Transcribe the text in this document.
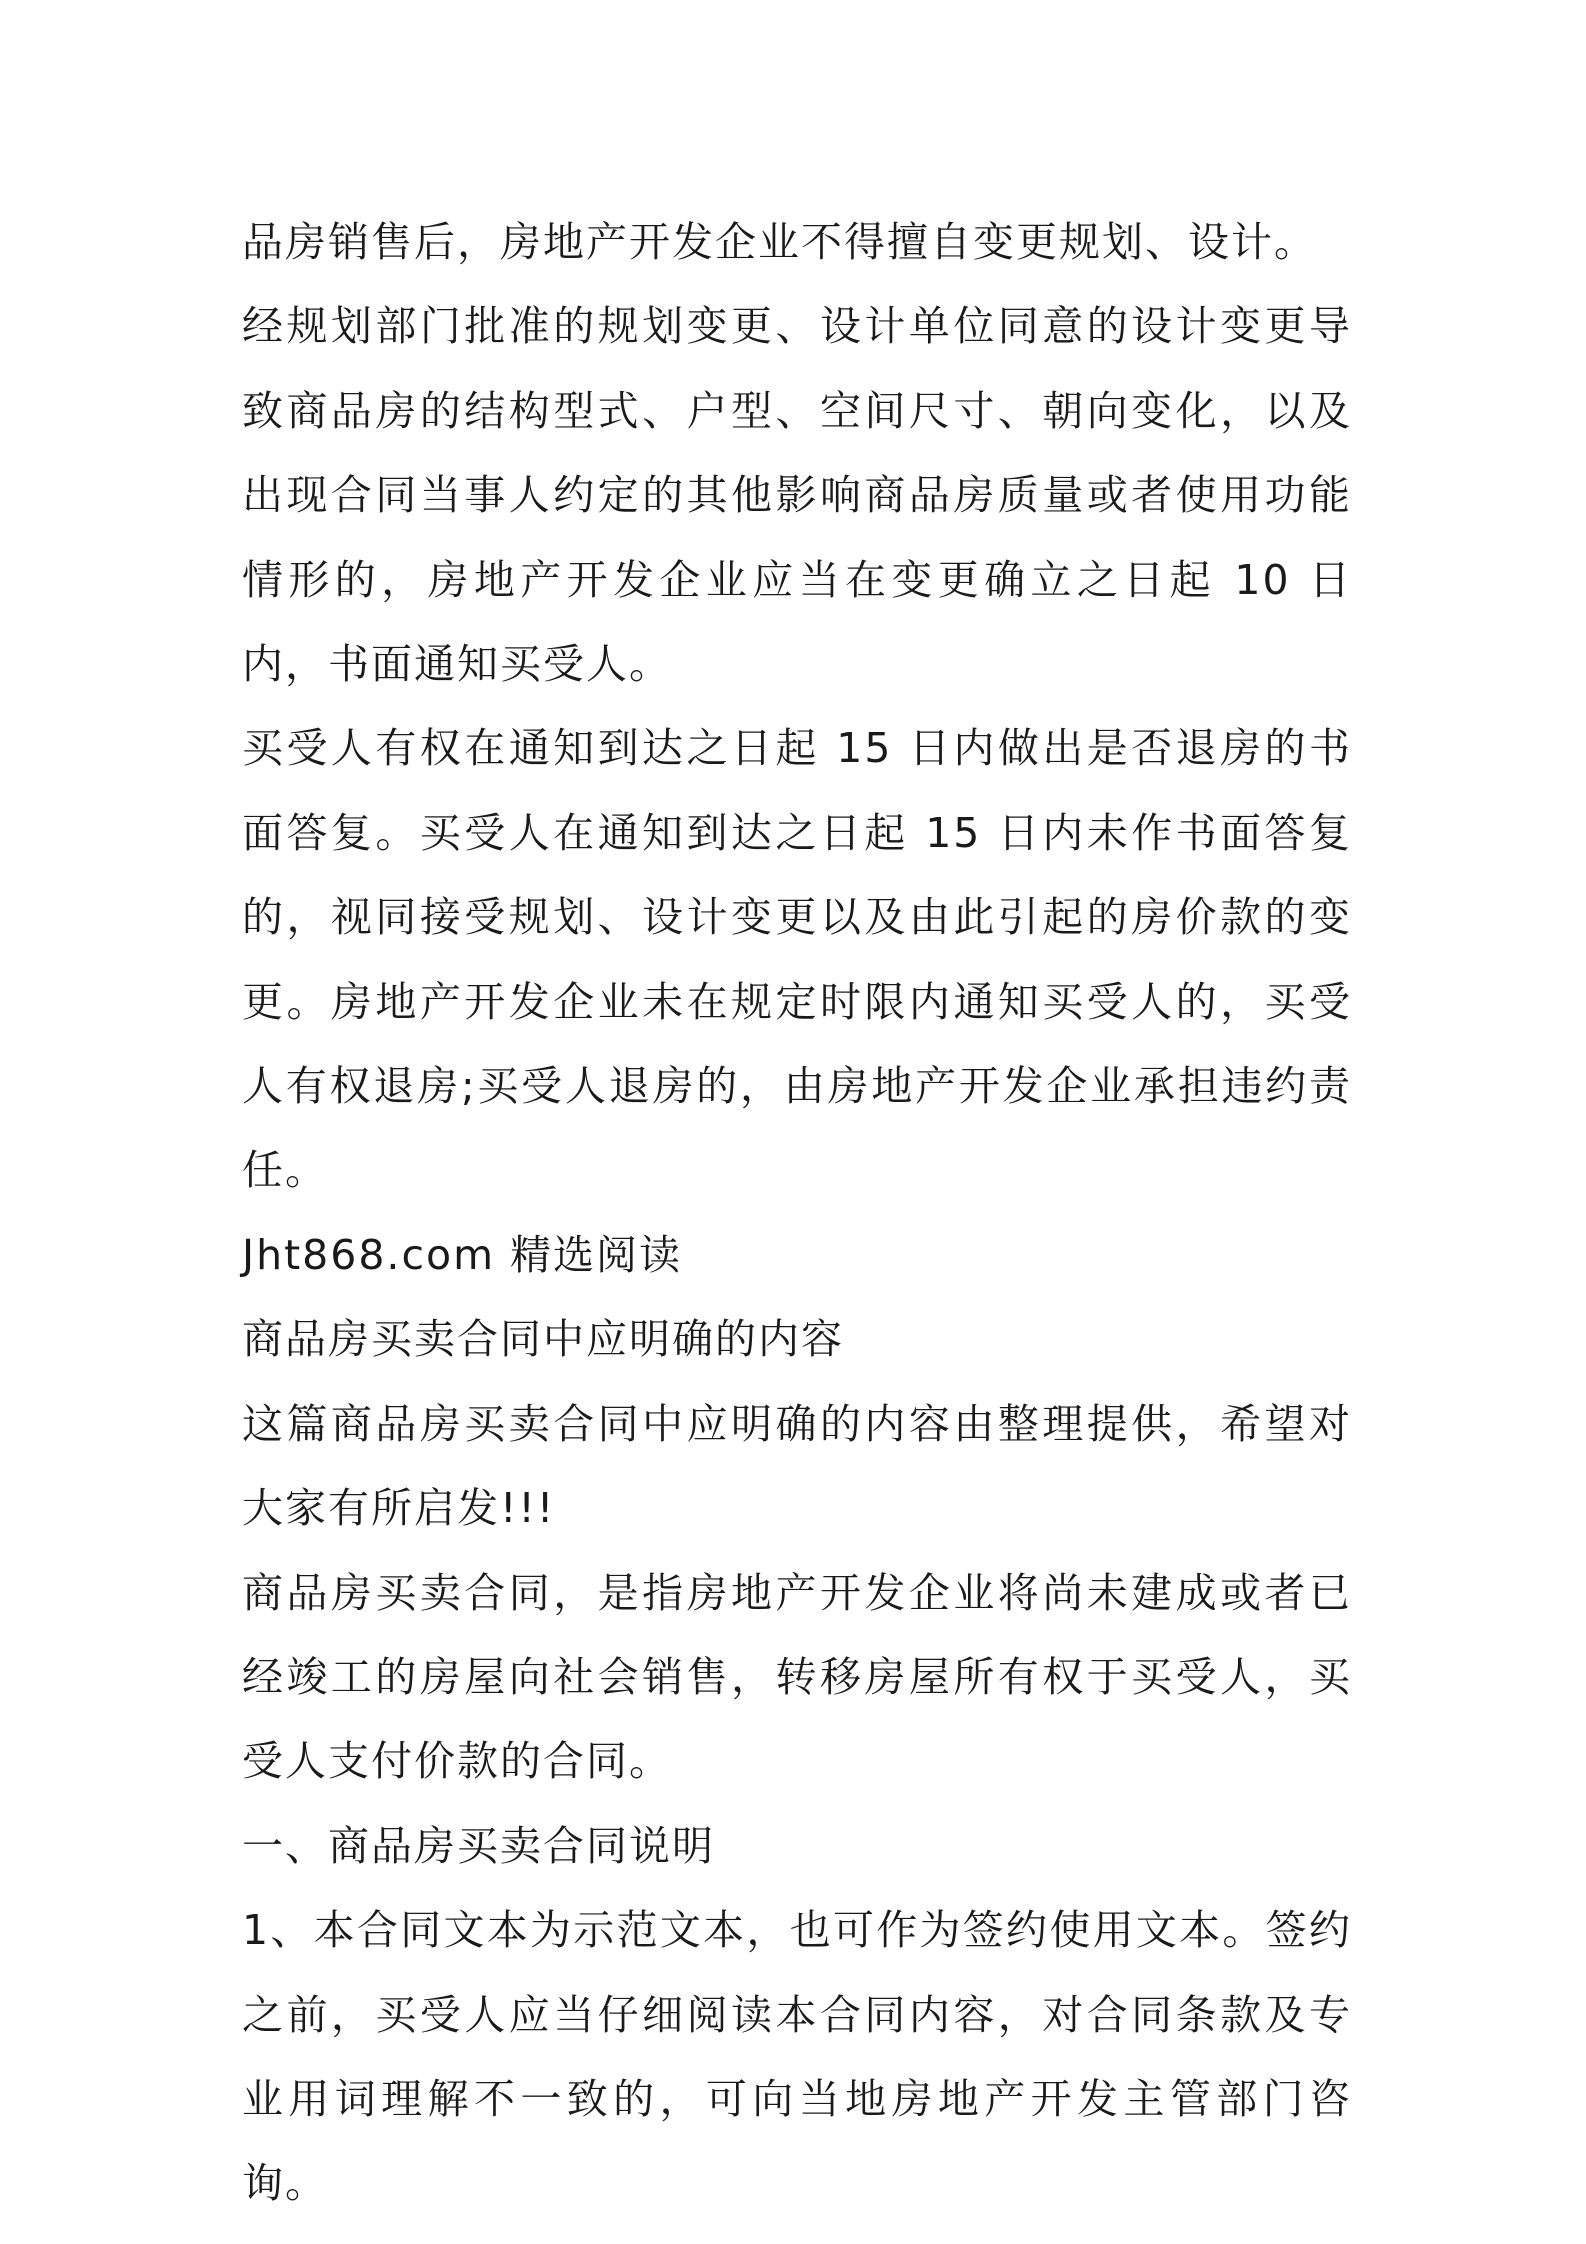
品房销售后，房地产开发企业不得擅自变更规划、设计。

经规划部门批准的规划变更、设计单位同意的设计变更导致商品房的结构型式、户型、空间尺寸、朝向变化，以及出现合同当事人约定的其他影响商品房质量或者使用功能情形的，房地产开发企业应当在变更确立之日起 10 日内，书面通知买受人。

买受人有权在通知到达之日起 15 日内做出是否退房的书面答复。买受人在通知到达之日起 15 日内未作书面答复的，视同接受规划、设计变更以及由此引起的房价款的变更。房地产开发企业未在规定时限内通知买受人的，买受人有权退房;买受人退房的，由房地产开发企业承担违约责任。

Jht868.com 精选阅读

商品房买卖合同中应明确的内容

这篇商品房买卖合同中应明确的内容由整理提供，希望对大家有所启发!!!

商品房买卖合同，是指房地产开发企业将尚未建成或者已经竣工的房屋向社会销售，转移房屋所有权于买受人，买受人支付价款的合同。

一、商品房买卖合同说明

1、本合同文本为示范文本，也可作为签约使用文本。签约之前，买受人应当仔细阅读本合同内容，对合同条款及专业用词理解不一致的，可向当地房地产开发主管部门咨询。
